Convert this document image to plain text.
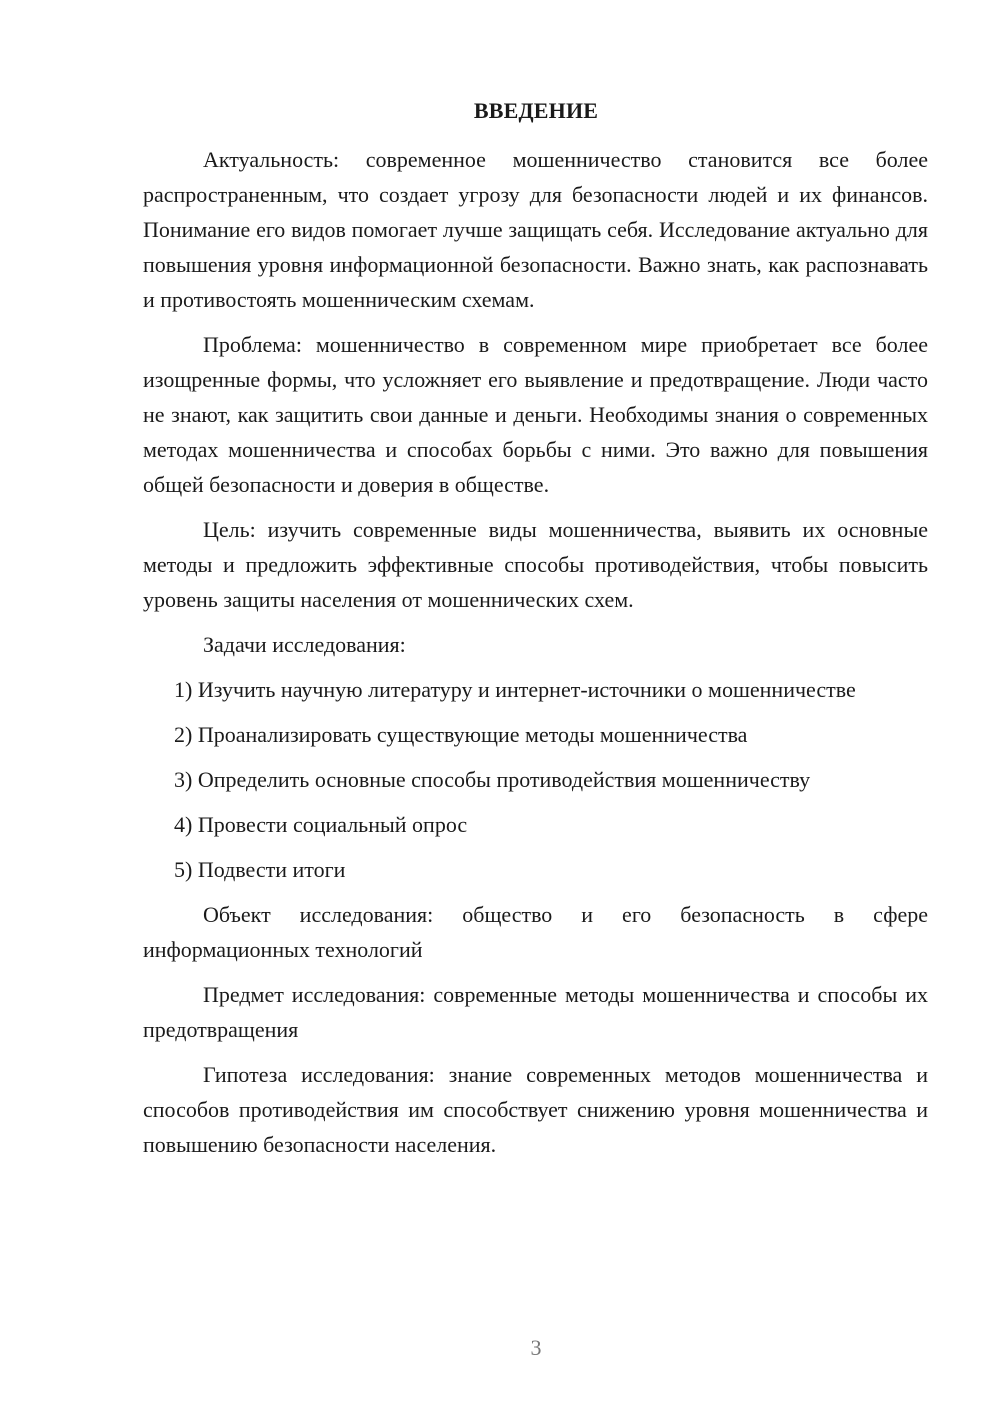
ВВЕДЕНИЕ

Актуальность: современное мошенничество становится все более распространенным, что создает угрозу для безопасности людей и их финансов. Понимание его видов помогает лучше защищать себя. Исследование актуально для повышения уровня информационной безопасности. Важно знать, как распознавать и противостоять мошенническим схемам.

Проблема: мошенничество в современном мире приобретает все более изощренные формы, что усложняет его выявление и предотвращение. Люди часто не знают, как защитить свои данные и деньги. Необходимы знания о современных методах мошенничества и способах борьбы с ними. Это важно для повышения общей безопасности и доверия в обществе.

Цель: изучить современные виды мошенничества, выявить их основные методы и предложить эффективные способы противодействия, чтобы повысить уровень защиты населения от мошеннических схем.

Задачи исследования:

1) Изучить научную литературу и интернет-источники о мошенничестве

2) Проанализировать существующие методы мошенничества

3) Определить основные способы противодействия мошенничеству

4) Провести социальный опрос

5) Подвести итоги

Объект исследования: общество и его безопасность в сфере информационных технологий

Предмет исследования: современные методы мошенничества и способы их предотвращения

Гипотеза исследования: знание современных методов мошенничества и способов противодействия им способствует снижению уровня мошенничества и повышению безопасности населения.

3
